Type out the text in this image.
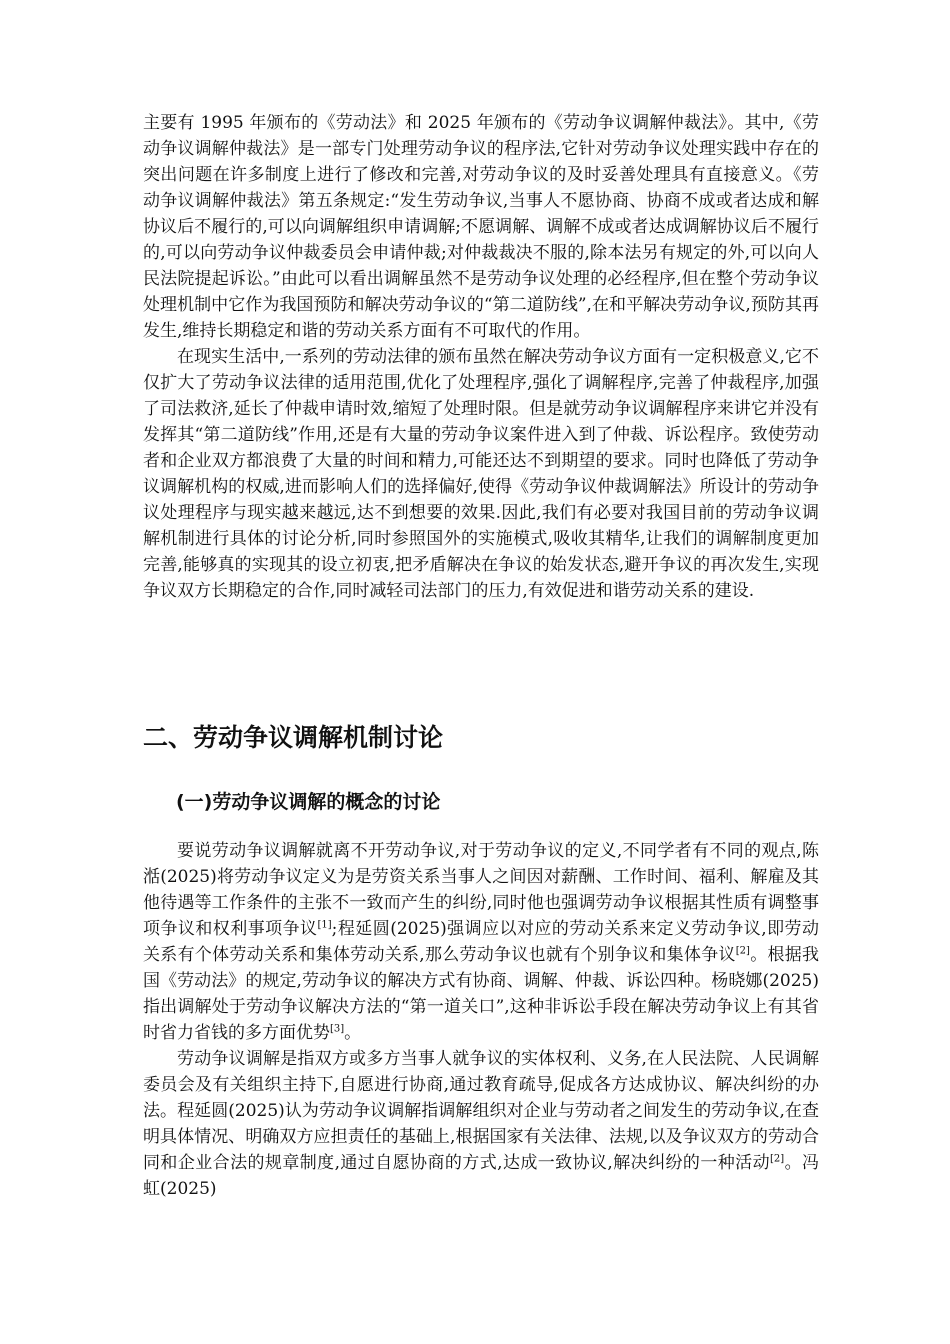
主要有 1995 年颁布的《劳动法》和 2025 年颁布的《劳动争议调解仲裁法》。其中,《劳动争议调解仲裁法》是一部专门处理劳动争议的程序法,它针对劳动争议处理实践中存在的突出问题在许多制度上进行了修改和完善,对劳动争议的及时妥善处理具有直接意义。《劳动争议调解仲裁法》第五条规定:“发生劳动争议,当事人不愿协商、协商不成或者达成和解协议后不履行的,可以向调解组织申请调解;不愿调解、调解不成或者达成调解协议后不履行的,可以向劳动争议仲裁委员会申请仲裁;对仲裁裁决不服的,除本法另有规定的外,可以向人民法院提起诉讼。”由此可以看出调解虽然不是劳动争议处理的必经程序,但在整个劳动争议处理机制中它作为我国预防和解决劳动争议的“第二道防线”,在和平解决劳动争议,预防其再发生,维持长期稳定和谐的劳动关系方面有不可取代的作用。

在现实生活中,一系列的劳动法律的颁布虽然在解决劳动争议方面有一定积极意义,它不仅扩大了劳动争议法律的适用范围,优化了处理程序,强化了调解程序,完善了仲裁程序,加强了司法救济,延长了仲裁申请时效,缩短了处理时限。但是就劳动争议调解程序来讲它并没有发挥其“第二道防线”作用,还是有大量的劳动争议案件进入到了仲裁、诉讼程序。致使劳动者和企业双方都浪费了大量的时间和精力,可能还达不到期望的要求。同时也降低了劳动争议调解机构的权威,进而影响人们的选择偏好,使得《劳动争议仲裁调解法》所设计的劳动争议处理程序与现实越来越远,达不到想要的效果.因此,我们有必要对我国目前的劳动争议调解机制进行具体的讨论分析,同时参照国外的实施模式,吸收其精华,让我们的调解制度更加完善,能够真的实现其的设立初衷,把矛盾解决在争议的始发状态,避开争议的再次发生,实现争议双方长期稳定的合作,同时减轻司法部门的压力,有效促进和谐劳动关系的建设.

二、劳动争议调解机制讨论
(一)劳动争议调解的概念的讨论

要说劳动争议调解就离不开劳动争议,对于劳动争议的定义,不同学者有不同的观点,陈湉(2025)将劳动争议定义为是劳资关系当事人之间因对薪酬、工作时间、福利、解雇及其他待遇等工作条件的主张不一致而产生的纠纷,同时他也强调劳动争议根据其性质有调整事项争议和权利事项争议[1];程延圆(2025)强调应以对应的劳动关系来定义劳动争议,即劳动关系有个体劳动关系和集体劳动关系,那么劳动争议也就有个别争议和集体争议[2]。根据我国《劳动法》的规定,劳动争议的解决方式有协商、调解、仲裁、诉讼四种。杨晓娜(2025)指出调解处于劳动争议解决方法的“第一道关口”,这种非诉讼手段在解决劳动争议上有其省时省力省钱的多方面优势[3]。

劳动争议调解是指双方或多方当事人就争议的实体权利、义务,在人民法院、人民调解委员会及有关组织主持下,自愿进行协商,通过教育疏导,促成各方达成协议、解决纠纷的办法。程延圆(2025)认为劳动争议调解指调解组织对企业与劳动者之间发生的劳动争议,在查明具体情况、明确双方应担责任的基础上,根据国家有关法律、法规,以及争议双方的劳动合同和企业合法的规章制度,通过自愿协商的方式,达成一致协议,解决纠纷的一种活动[2]。冯虹(2025)
